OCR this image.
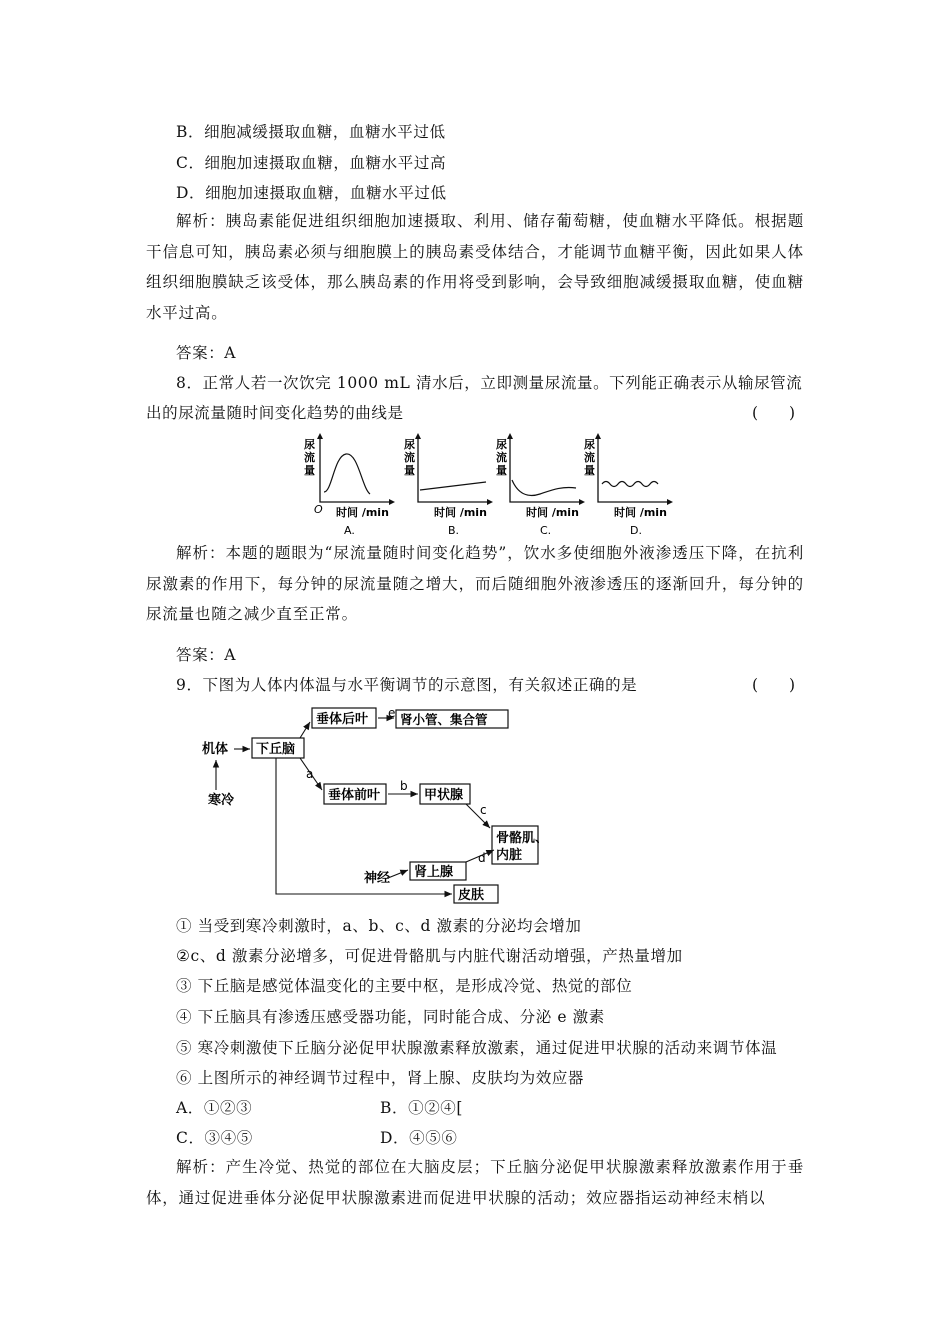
B．细胞减缓摄取血糖，血糖水平过低
C．细胞加速摄取血糖，血糖水平过高
D．细胞加速摄取血糖，血糖水平过低
解析：胰岛素能促进组织细胞加速摄取、利用、储存葡萄糖，使血糖水平降低。根据题干信息可知，胰岛素必须与细胞膜上的胰岛素受体结合，才能调节血糖平衡，因此如果人体组织细胞膜缺乏该受体，那么胰岛素的作用将受到影响，会导致细胞减缓摄取血糖，使血糖水平过高。
答案：A
8．正常人若一次饮完 1000 mL 清水后，立即测量尿流量。下列能正确表示从输尿管流
出的尿流量随时间变化趋势的曲线是	(　　)
尿
流
量
O 时间 /min
A.
尿
流
量
时间 /min
B.
尿
流
量
时间 /min
C.
尿
流
量
时间 /min
D.
解析：本题的题眼为“尿流量随时间变化趋势”，饮水多使细胞外液渗透压下降，在抗利尿激素的作用下，每分钟的尿流量随之增大，而后随细胞外液渗透压的逐渐回升，每分钟的尿流量也随之减少直至正常。
答案：A
9．下图为人体内体温与水平衡调节的示意图，有关叙述正确的是	(　　)
机体 下丘脑
垂体后叶	肾小管、集合管
寒冷	垂体前叶	甲状腺
骨骼肌、
内脏
神经 肾上腺
皮肤
a
b
c
d
e
① 当受到寒冷刺激时，a、b、c、d 激素的分泌均会增加
②c、d 激素分泌增多，可促进骨骼肌与内脏代谢活动增强，产热量增加
③ 下丘脑是感觉体温变化的主要中枢，是形成冷觉、热觉的部位
④ 下丘脑具有渗透压感受器功能，同时能合成、分泌 e 激素
⑤ 寒冷刺激使下丘脑分泌促甲状腺激素释放激素，通过促进甲状腺的活动来调节体温
⑥ 上图所示的神经调节过程中，肾上腺、皮肤均为效应器
A．①②③	B．①②④[
C．③④⑤	D．④⑤⑥
解析：产生冷觉、热觉的部位在大脑皮层；下丘脑分泌促甲状腺激素释放激素作用于垂体，通过促进垂体分泌促甲状腺激素进而促进甲状腺的活动；效应器指运动神经末梢以
